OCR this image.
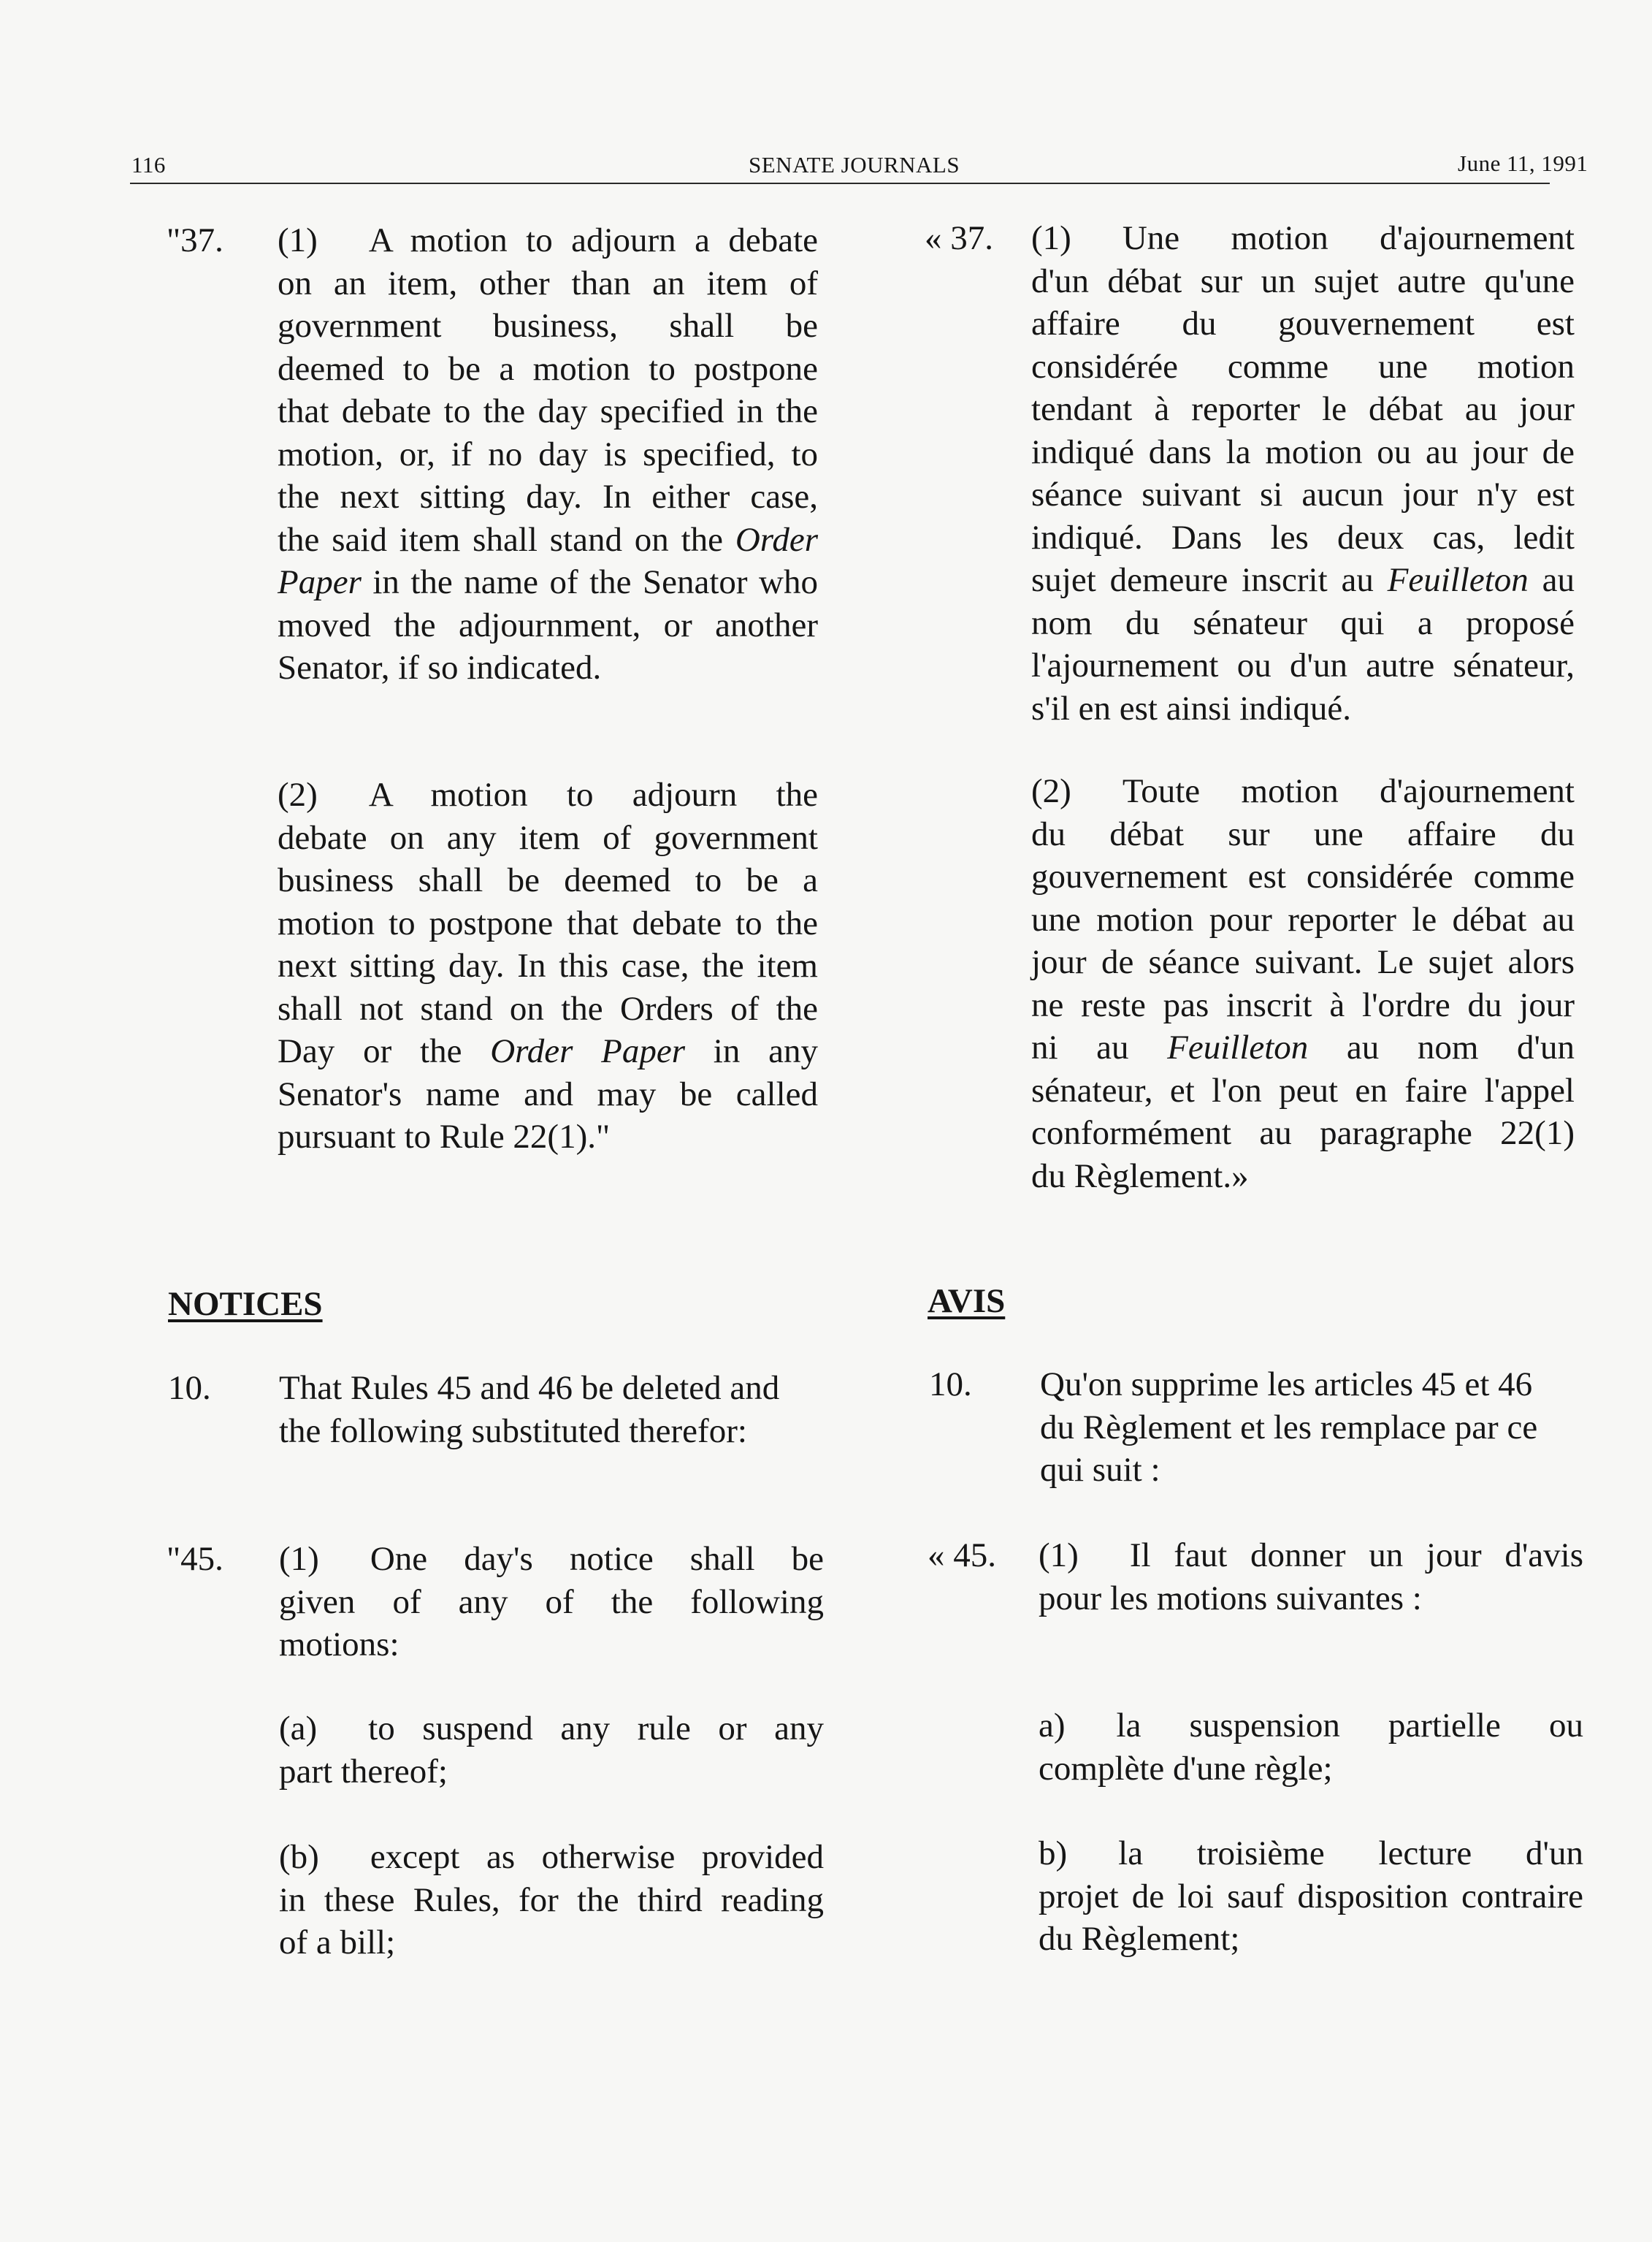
116	SENATE JOURNALS	June 11, 1991
"37. (1) A motion to adjourn a debate
on an item, other than an item of
government business, shall be
deemed to be a motion to postpone
that debate to the day specified in the
motion, or, if no day is specified, to
the next sitting day. In either case,
the said item shall stand on the Order
Paper in the name of the Senator who
moved the adjournment, or another
Senator, if so indicated.
(2) A motion to adjourn the
debate on any item of government
business shall be deemed to be a
motion to postpone that debate to the
next sitting day. In this case, the item
shall not stand on the Orders of the
Day or the Order Paper in any
Senator's name and may be called
pursuant to Rule 22(1)."
NOTICES
10. That Rules 45 and 46 be deleted and
the following substituted therefor:
"45. (1) One day's notice shall be
given of any of the following
motions:
(a) to suspend any rule or any
part thereof;
(b) except as otherwise provided
in these Rules, for the third reading
of a bill;
« 37. (1) Une motion d'ajournement
d'un débat sur un sujet autre qu'une
affaire du gouvernement est
considérée comme une motion
tendant à reporter le débat au jour
indiqué dans la motion ou au jour de
séance suivant si aucun jour n'y est
indiqué. Dans les deux cas, ledit
sujet demeure inscrit au Feuilleton au
nom du sénateur qui a proposé
l'ajournement ou d'un autre sénateur,
s'il en est ainsi indiqué.
(2) Toute motion d'ajournement
du débat sur une affaire du
gouvernement est considérée comme
une motion pour reporter le débat au
jour de séance suivant. Le sujet alors
ne reste pas inscrit à l'ordre du jour
ni au Feuilleton au nom d'un
sénateur, et l'on peut en faire l'appel
conformément au paragraphe 22(1)
du Règlement.»
AVIS
10. Qu'on supprime les articles 45 et 46
du Règlement et les remplace par ce
qui suit :
« 45. (1) Il faut donner un jour d'avis
pour les motions suivantes :
a) la suspension partielle ou
complète d'une règle;
b) la troisième lecture d'un
projet de loi sauf disposition contraire
du Règlement;
